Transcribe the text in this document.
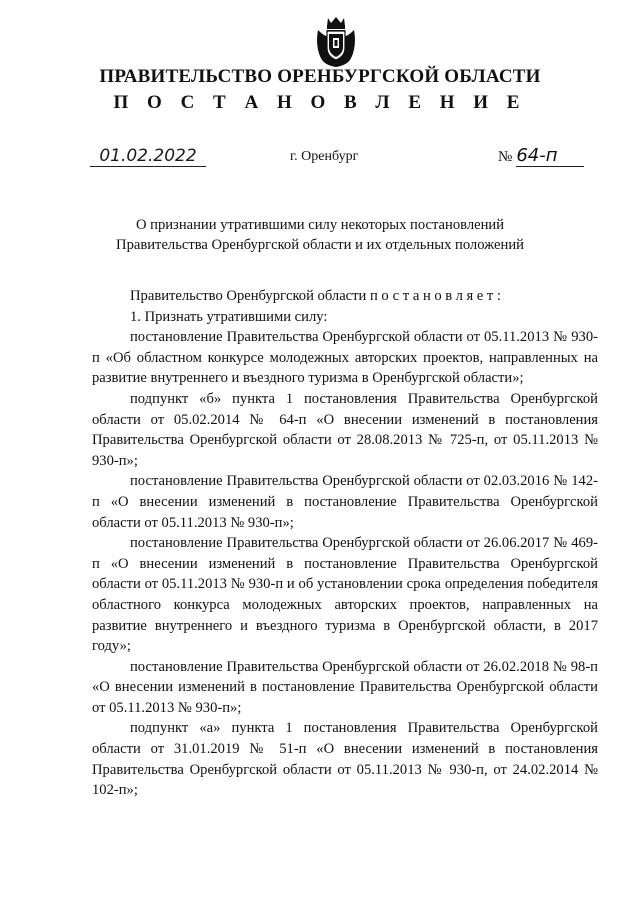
ПРАВИТЕЛЬСТВО ОРЕНБУРГСКОЙ ОБЛАСТИ
П О С Т А Н О В Л Е Н И Е
01.02.2022	г. Оренбург	№ 64-п
О признании утратившими силу некоторых постановлений
Правительства Оренбургской области и их отдельных положений

Правительство Оренбургской области постановляет:

1. Признать утратившими силу:

постановление Правительства Оренбургской области от 05.11.2013 № 930-п «Об областном конкурсе молодежных авторских проектов, направленных на развитие внутреннего и въездного туризма в Оренбургской области»;

подпункт «б» пункта 1 постановления Правительства Оренбургской области от 05.02.2014 № 64-п «О внесении изменений в постановления Правительства Оренбургской области от 28.08.2013 № 725-п, от 05.11.2013 № 930-п»;

постановление Правительства Оренбургской области от 02.03.2016 № 142-п «О внесении изменений в постановление Правительства Оренбургской области от 05.11.2013 № 930-п»;

постановление Правительства Оренбургской области от 26.06.2017 № 469-п «О внесении изменений в постановление Правительства Оренбургской области от 05.11.2013 № 930-п и об установлении срока определения победителя областного конкурса молодежных авторских проектов, направленных на развитие внутреннего и въездного туризма в Оренбургской области, в 2017 году»;

постановление Правительства Оренбургской области от 26.02.2018 № 98-п «О внесении изменений в постановление Правительства Оренбургской области от 05.11.2013 № 930-п»;

подпункт «а» пункта 1 постановления Правительства Оренбургской области от 31.01.2019 № 51-п «О внесении изменений в постановления Правительства Оренбургской области от 05.11.2013 № 930-п, от 24.02.2014 № 102-п»;
